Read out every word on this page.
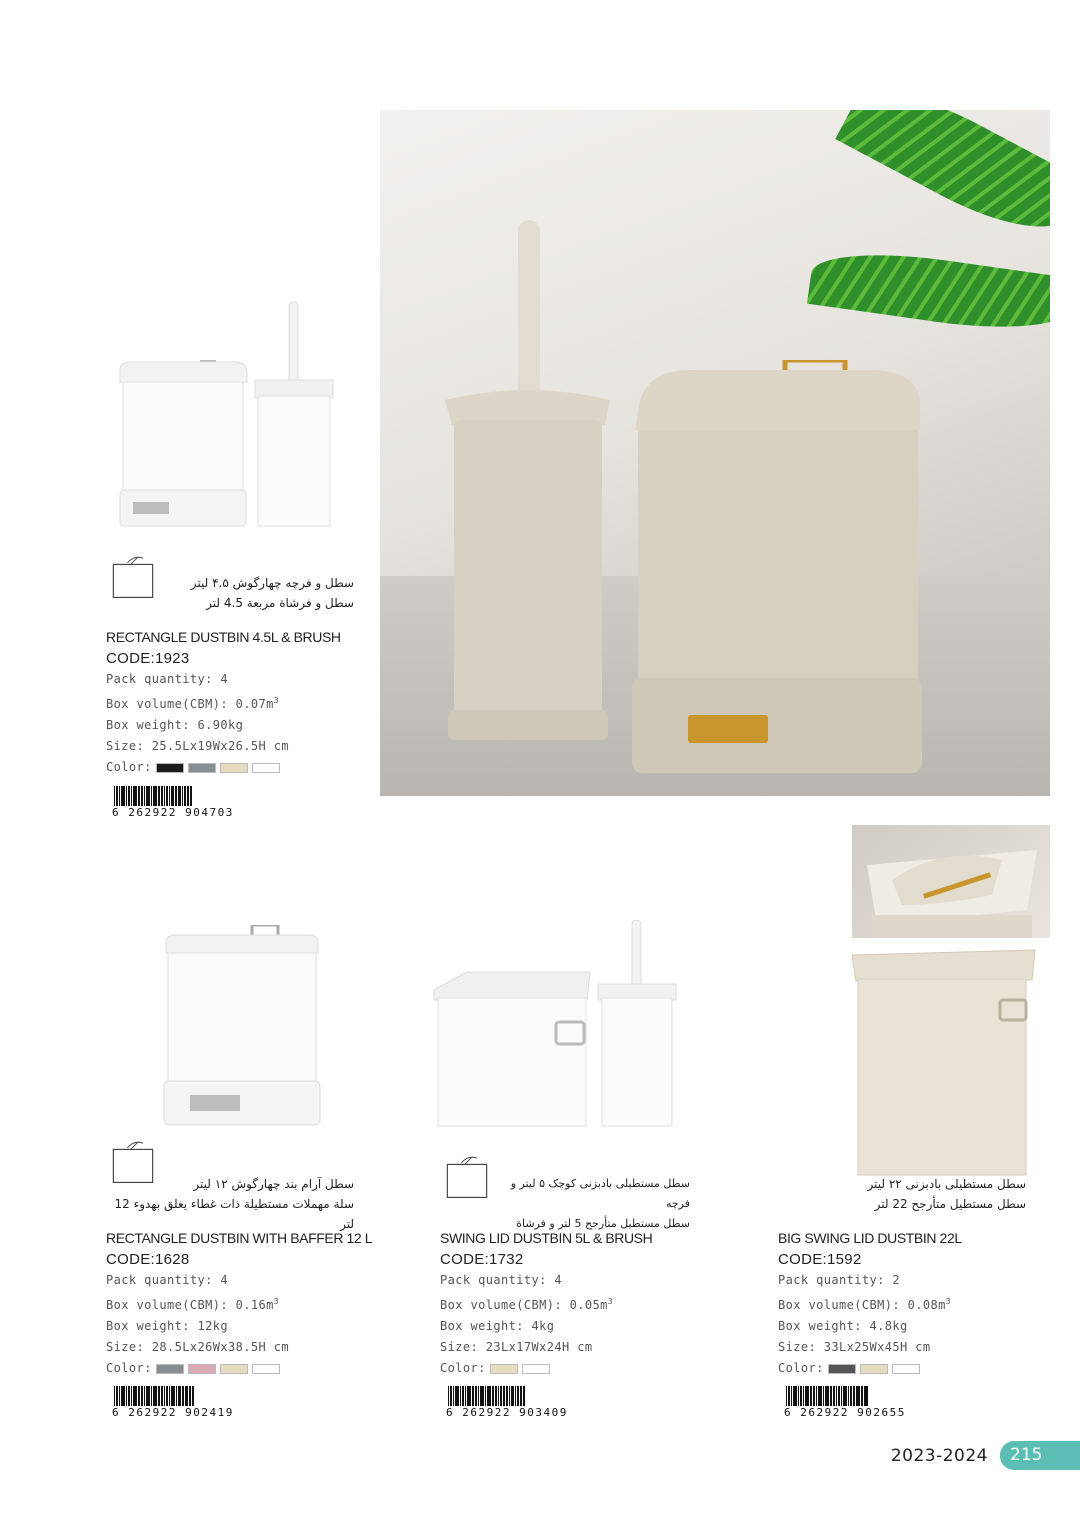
سطل و فرچه چهارگوش ۴.۵ لیتر
سطل و فرشاة مربعة 4.5 لتر
RECTANGLE DUSTBIN 4.5L & BRUSH
CODE:1923
Pack quantity: 4
Box volume(CBM): $0.07m^3$
Box weight: 6.90kg
Size: 25.5Lx19Wx26.5H cm
Color:
6 262922 904703
سطل آرام بند چهارگوش ۱۲ لیتر
سلة مهملات مستطيلة ذات غطاء يغلق بهدوء 12 لتر
RECTANGLE DUSTBIN WITH BAFFER 12 L
CODE:1628
Pack quantity: 4
Box volume(CBM): $0.16m^3$
Box weight: 12kg
Size: 28.5Lx26Wx38.5H cm
Color:
6 262922 902419
سطل مستطیلی بادبزنی کوچک ۵ لیتر و فرچه
سطل مستطيل متأرجح 5 لتر و فرشاة
SWING LID DUSTBIN 5L & BRUSH
CODE:1732
Pack quantity: 4
Box volume(CBM): $0.05m^3$
Box weight: 4kg
Size: 23Lx17Wx24H cm
Color:
6 262922 903409
سطل مستطیلی بادبزنی ۲۲ لیتر
سطل مستطيل متأرجح 22 لتر
BIG SWING LID DUSTBIN 22L
CODE:1592
Pack quantity: 2
Box volume(CBM): $0.08m^3$
Box weight: 4.8kg
Size: 33Lx25Wx45H cm
Color:
6 262922 902655
2023-2024	215
